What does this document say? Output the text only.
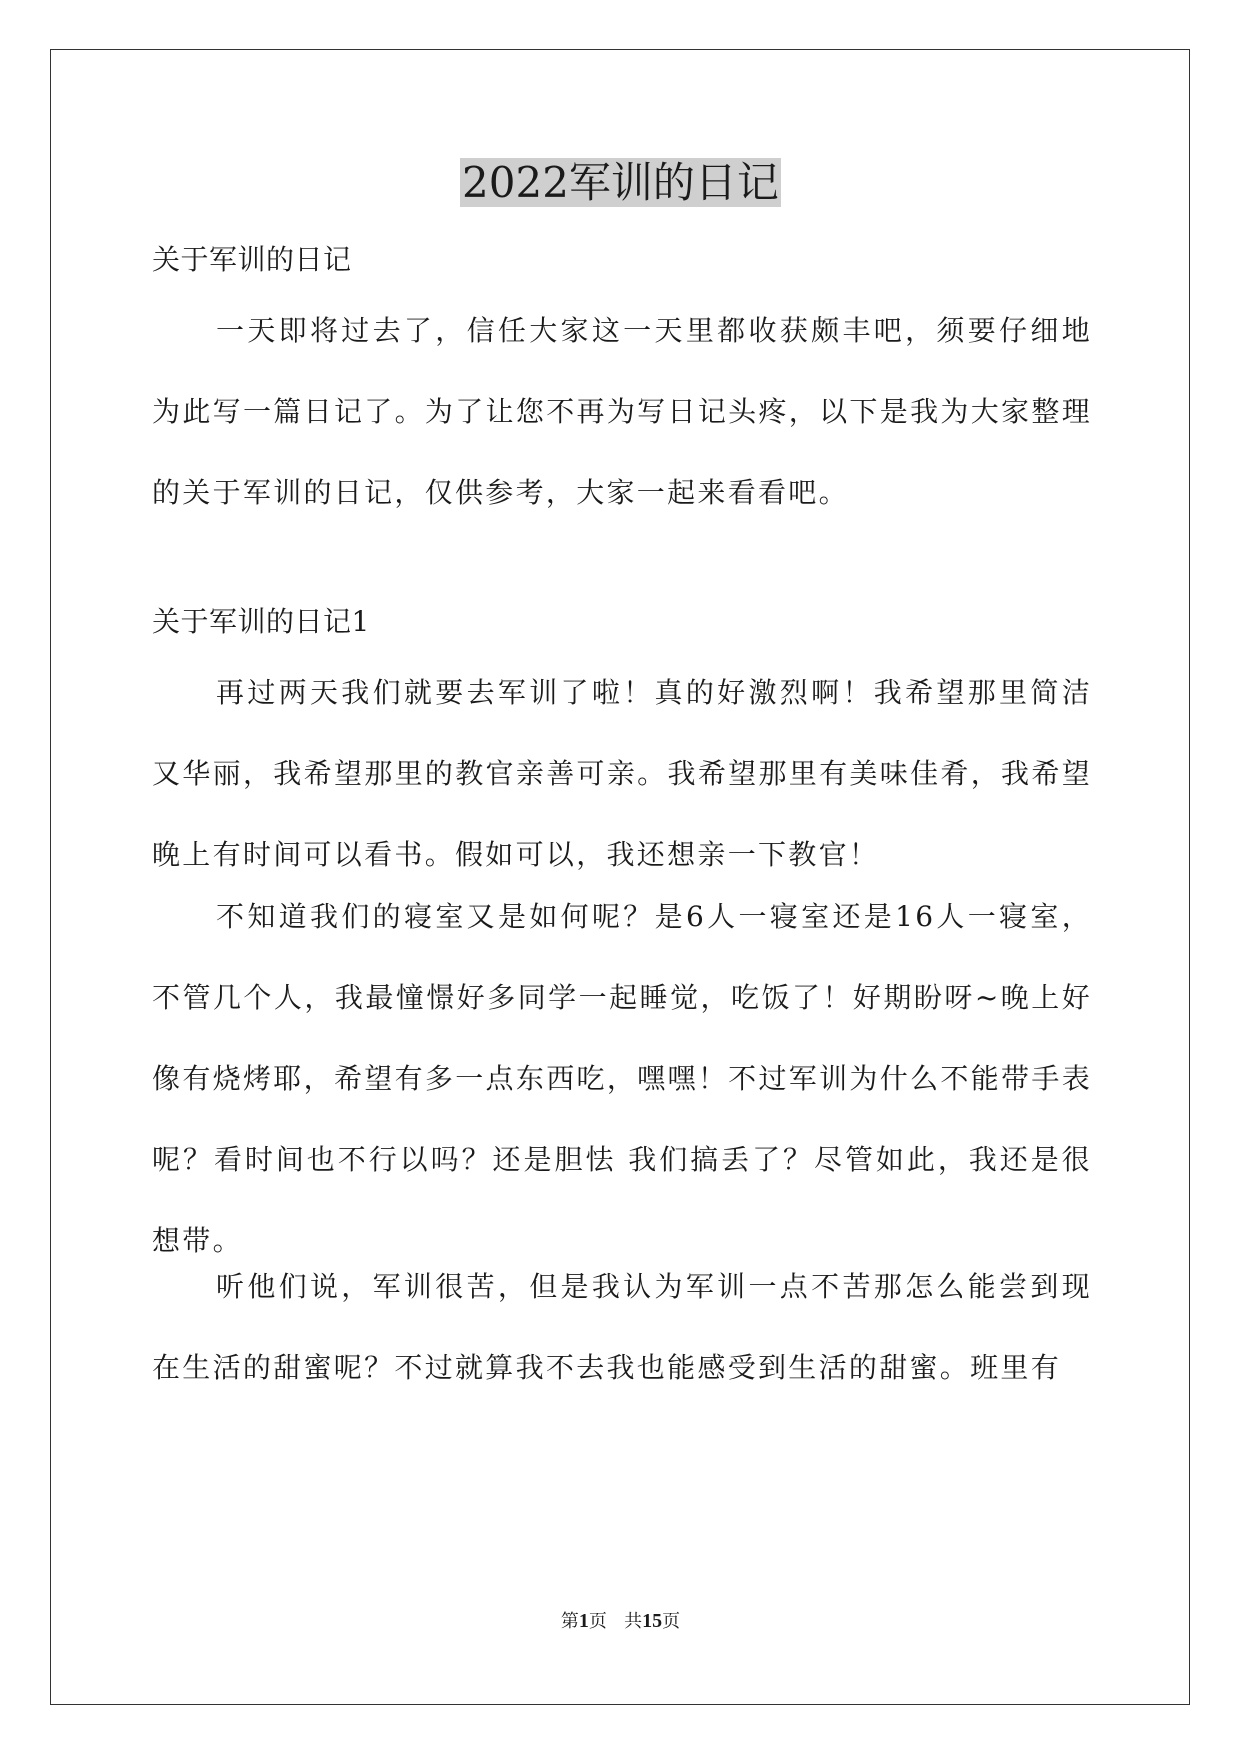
2022军训的日记

关于军训的日记

一天即将过去了，信任大家这一天里都收获颇丰吧，须要仔细地为此写一篇日记了。为了让您不再为写日记头疼，以下是我为大家整理的关于军训的日记，仅供参考，大家一起来看看吧。

关于军训的日记1

再过两天我们就要去军训了啦！真的好激烈啊！我希望那里简洁又华丽，我希望那里的教官亲善可亲。我希望那里有美味佳肴，我希望晚上有时间可以看书。假如可以，我还想亲一下教官！

不知道我们的寝室又是如何呢？是6人一寝室还是16人一寝室，不管几个人，我最憧憬好多同学一起睡觉，吃饭了！好期盼呀~晚上好像有烧烤耶，希望有多一点东西吃，嘿嘿！不过军训为什么不能带手表呢？看时间也不行以吗？还是胆怯 我们搞丢了？尽管如此，我还是很想带。

听他们说，军训很苦，但是我认为军训一点不苦那怎么能尝到现在生活的甜蜜呢？不过就算我不去我也能感受到生活的甜蜜。班里有

第1页 共15页
